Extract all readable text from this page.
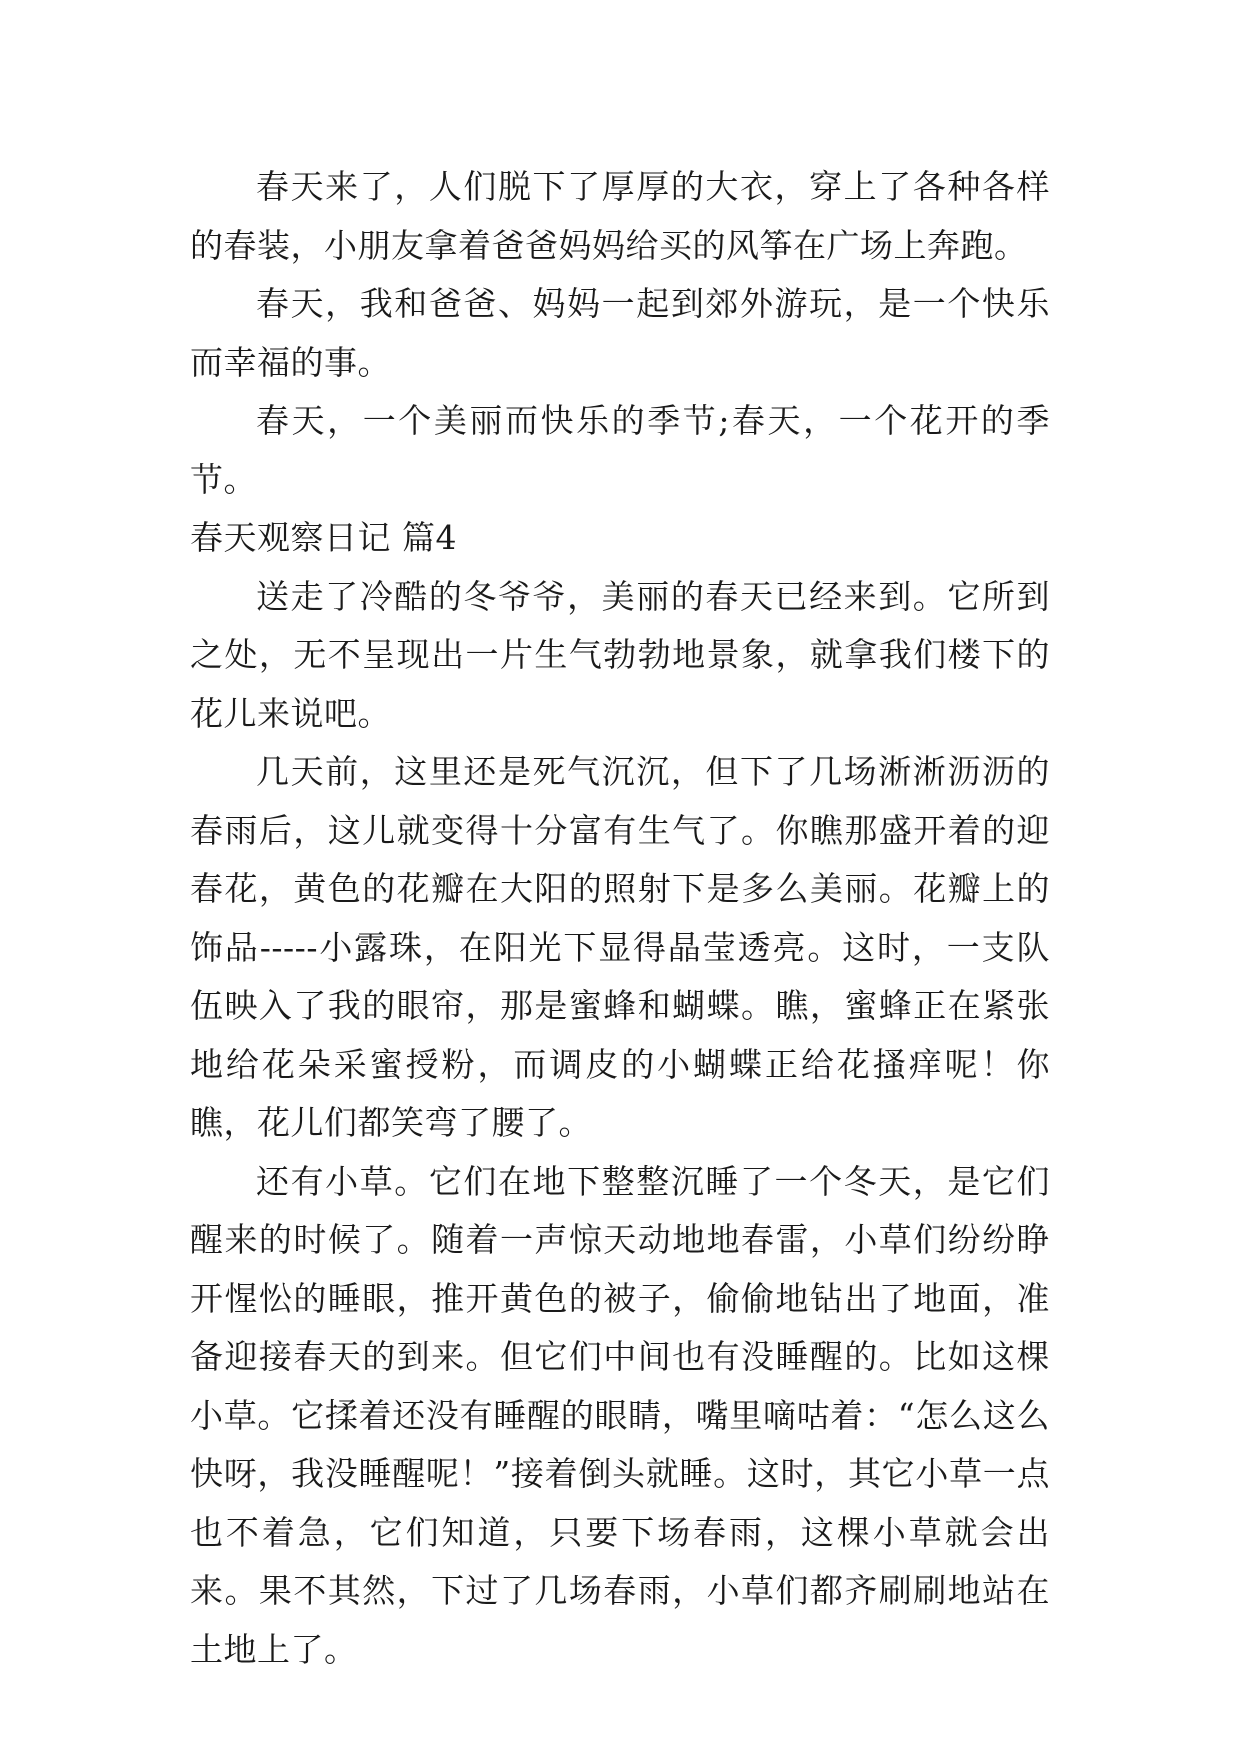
春天来了，人们脱下了厚厚的大衣，穿上了各种各样的春装，小朋友拿着爸爸妈妈给买的风筝在广场上奔跑。

春天，我和爸爸、妈妈一起到郊外游玩，是一个快乐而幸福的事。

春天，一个美丽而快乐的季节;春天，一个花开的季节。

春天观察日记 篇4

送走了冷酷的冬爷爷，美丽的春天已经来到。它所到之处，无不呈现出一片生气勃勃地景象，就拿我们楼下的花儿来说吧。

几天前，这里还是死气沉沉，但下了几场淅淅沥沥的春雨后，这儿就变得十分富有生气了。你瞧那盛开着的迎春花，黄色的花瓣在大阳的照射下是多么美丽。花瓣上的饰品-----小露珠，在阳光下显得晶莹透亮。这时，一支队伍映入了我的眼帘，那是蜜蜂和蝴蝶。瞧，蜜蜂正在紧张地给花朵采蜜授粉，而调皮的小蝴蝶正给花搔痒呢！你瞧，花儿们都笑弯了腰了。

还有小草。它们在地下整整沉睡了一个冬天，是它们醒来的时候了。随着一声惊天动地地春雷，小草们纷纷睁开惺忪的睡眼，推开黄色的被子，偷偷地钻出了地面，准备迎接春天的到来。但它们中间也有没睡醒的。比如这棵小草。它揉着还没有睡醒的眼睛，嘴里嘀咕着：“怎么这么快呀，我没睡醒呢！”接着倒头就睡。这时，其它小草一点也不着急，它们知道，只要下场春雨，这棵小草就会出来。果不其然，下过了几场春雨，小草们都齐刷刷地站在土地上了。
